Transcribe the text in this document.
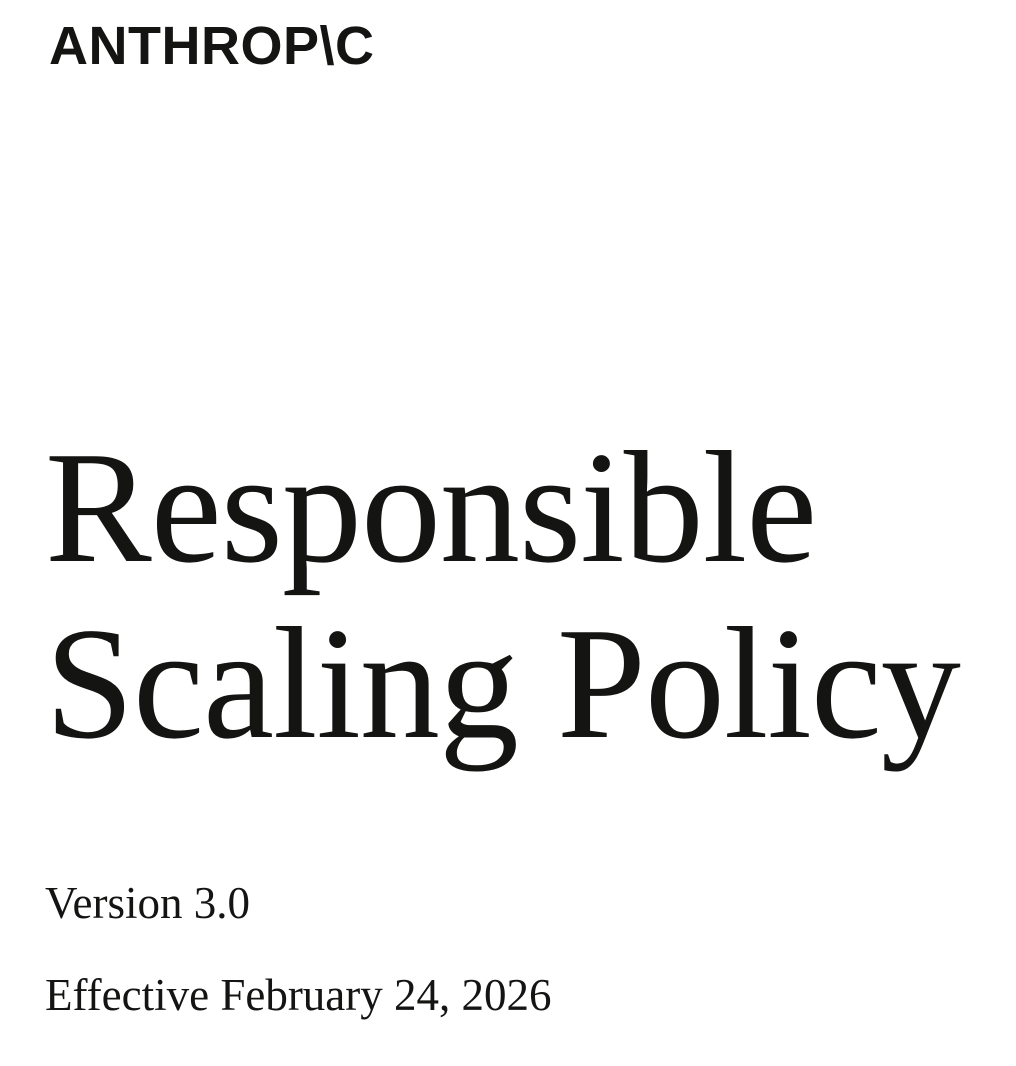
ANTHROP\C
Responsible
Scaling Policy

Version 3.0

Effective February 24, 2026
